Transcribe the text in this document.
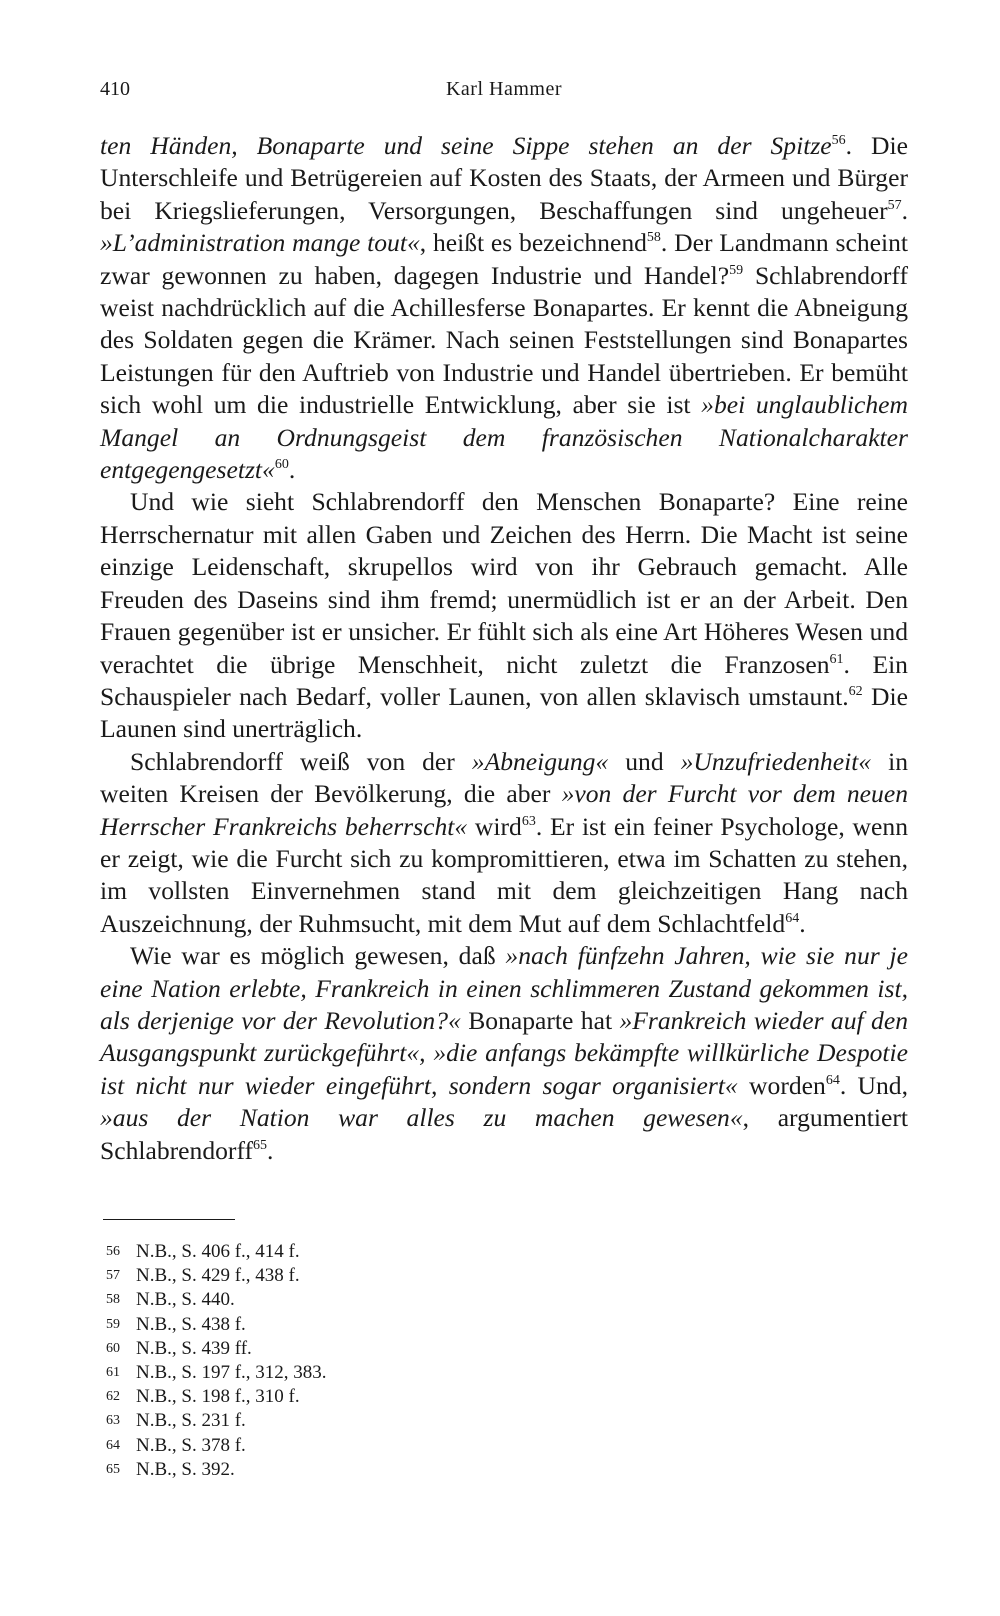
410	Karl Hammer

ten Händen, Bonaparte und seine Sippe stehen an der Spitze$^{56}$. Die Unterschleife und Betrügereien auf Kosten des Staats, der Armeen und Bürger bei Kriegslieferungen, Versorgungen, Beschaffungen sind ungeheuer$^{57}$. »L’administration mange tout«, heißt es bezeichnend$^{58}$. Der Landmann scheint zwar gewonnen zu haben, dagegen Industrie und Handel?$^{59}$ Schlabrendorff weist nachdrücklich auf die Achillesferse Bonapartes. Er kennt die Abneigung des Soldaten gegen die Krämer. Nach seinen Feststellungen sind Bonapartes Leistungen für den Auftrieb von Industrie und Handel übertrieben. Er bemüht sich wohl um die industrielle Entwicklung, aber sie ist »bei unglaublichem Mangel an Ordnungsgeist dem französischen Nationalcharakter entgegengesetzt«$^{60}$.

Und wie sieht Schlabrendorff den Menschen Bonaparte? Eine reine Herrschernatur mit allen Gaben und Zeichen des Herrn. Die Macht ist seine einzige Leidenschaft, skrupellos wird von ihr Gebrauch gemacht. Alle Freuden des Daseins sind ihm fremd; unermüdlich ist er an der Arbeit. Den Frauen gegenüber ist er unsicher. Er fühlt sich als eine Art Höheres Wesen und verachtet die übrige Menschheit, nicht zuletzt die Franzosen$^{61}$. Ein Schauspieler nach Bedarf, voller Launen, von allen sklavisch umstaunt.$^{62}$ Die Launen sind unerträglich.

Schlabrendorff weiß von der »Abneigung« und »Unzufriedenheit« in weiten Kreisen der Bevölkerung, die aber »von der Furcht vor dem neuen Herrscher Frankreichs beherrscht« wird$^{63}$. Er ist ein feiner Psychologe, wenn er zeigt, wie die Furcht sich zu kompromittieren, etwa im Schatten zu stehen, im vollsten Einvernehmen stand mit dem gleichzeitigen Hang nach Auszeichnung, der Ruhmsucht, mit dem Mut auf dem Schlachtfeld$^{64}$.

Wie war es möglich gewesen, daß »nach fünfzehn Jahren, wie sie nur je eine Nation erlebte, Frankreich in einen schlimmeren Zustand gekommen ist, als derjenige vor der Revolution?« Bonaparte hat »Frankreich wieder auf den Ausgangspunkt zurückgeführt«, »die anfangs bekämpfte willkürliche Despotie ist nicht nur wieder eingeführt, sondern sogar organisiert« worden$^{64}$. Und, »aus der Nation war alles zu machen gewesen«, argumentiert Schlabrendorff$^{65}$.

56 N.B., S. 406 f., 414 f.
57 N.B., S. 429 f., 438 f.
58 N.B., S. 440.
59 N.B., S. 438 f.
60 N.B., S. 439 ff.
61 N.B., S. 197 f., 312, 383.
62 N.B., S. 198 f., 310 f.
63 N.B., S. 231 f.
64 N.B., S. 378 f.
65 N.B., S. 392.
